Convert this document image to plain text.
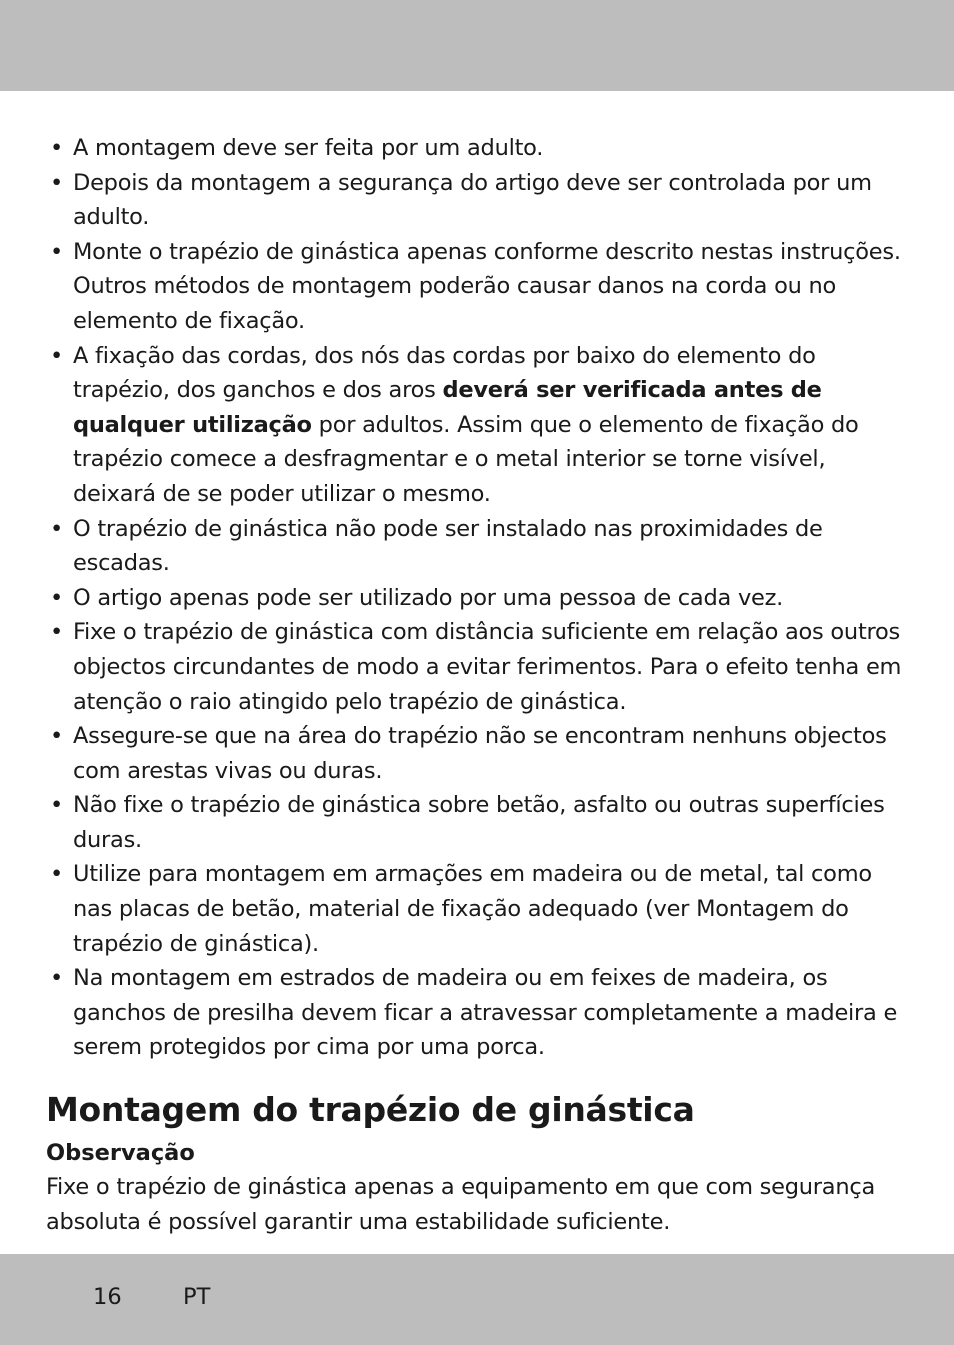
• A montagem deve ser feita por um adulto.
• Depois da montagem a segurança do artigo deve ser controlada por um adulto.
• Monte o trapézio de ginástica apenas conforme descrito nestas instruções. Outros métodos de montagem poderão causar danos na corda ou no elemento de fixação.
• A fixação das cordas, dos nós das cordas por baixo do elemento do trapézio, dos ganchos e dos aros deverá ser verificada antes de qualquer utilização por adultos. Assim que o elemento de fixação do trapézio comece a desfragmentar e o metal interior se torne visível, deixará de se poder utilizar o mesmo.
• O trapézio de ginástica não pode ser instalado nas proximidades de escadas.
• O artigo apenas pode ser utilizado por uma pessoa de cada vez.
• Fixe o trapézio de ginástica com distância suficiente em relação aos outros objectos circundantes de modo a evitar ferimentos. Para o efeito tenha em atenção o raio atingido pelo trapézio de ginástica.
• Assegure-se que na área do trapézio não se encontram nenhuns objectos com arestas vivas ou duras.
• Não fixe o trapézio de ginástica sobre betão, asfalto ou outras superfícies duras.
• Utilize para montagem em armações em madeira ou de metal, tal como nas placas de betão, material de fixação adequado (ver Montagem do trapézio de ginástica).
• Na montagem em estrados de madeira ou em feixes de madeira, os ganchos de presilha devem ficar a atravessar completamente a madeira e serem protegidos por cima por uma porca.
Montagem do trapézio de ginástica
Observação

Fixe o trapézio de ginástica apenas a equipamento em que com segurança absoluta é possível garantir uma estabilidade suficiente.

16	PT
